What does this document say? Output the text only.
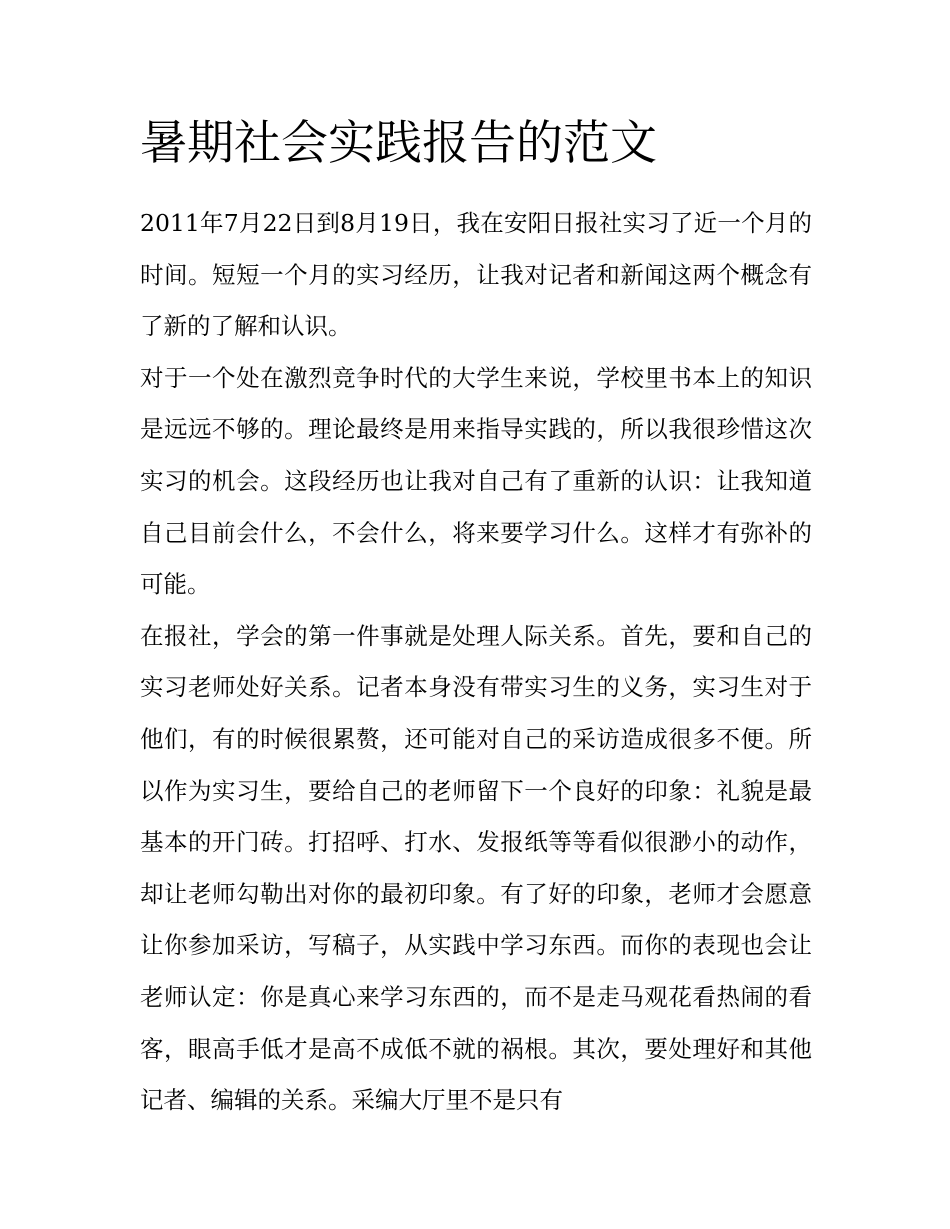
暑期社会实践报告的范文

2011年7月22日到8月19日，我在安阳日报社实习了近一个月的时间。短短一个月的实习经历，让我对记者和新闻这两个概念有了新的了解和认识。

对于一个处在激烈竞争时代的大学生来说，学校里书本上的知识是远远不够的。理论最终是用来指导实践的，所以我很珍惜这次实习的机会。这段经历也让我对自己有了重新的认识：让我知道自己目前会什么，不会什么，将来要学习什么。这样才有弥补的可能。

在报社，学会的第一件事就是处理人际关系。首先，要和自己的实习老师处好关系。记者本身没有带实习生的义务，实习生对于他们，有的时候很累赘，还可能对自己的采访造成很多不便。所以作为实习生，要给自己的老师留下一个良好的印象：礼貌是最基本的开门砖。打招呼、打水、发报纸等等看似很渺小的动作，却让老师勾勒出对你的最初印象。有了好的印象，老师才会愿意让你参加采访，写稿子，从实践中学习东西。而你的表现也会让老师认定：你是真心来学习东西的，而不是走马观花看热闹的看客，眼高手低才是高不成低不就的祸根。其次，要处理好和其他记者、编辑的关系。采编大厅里不是只有
